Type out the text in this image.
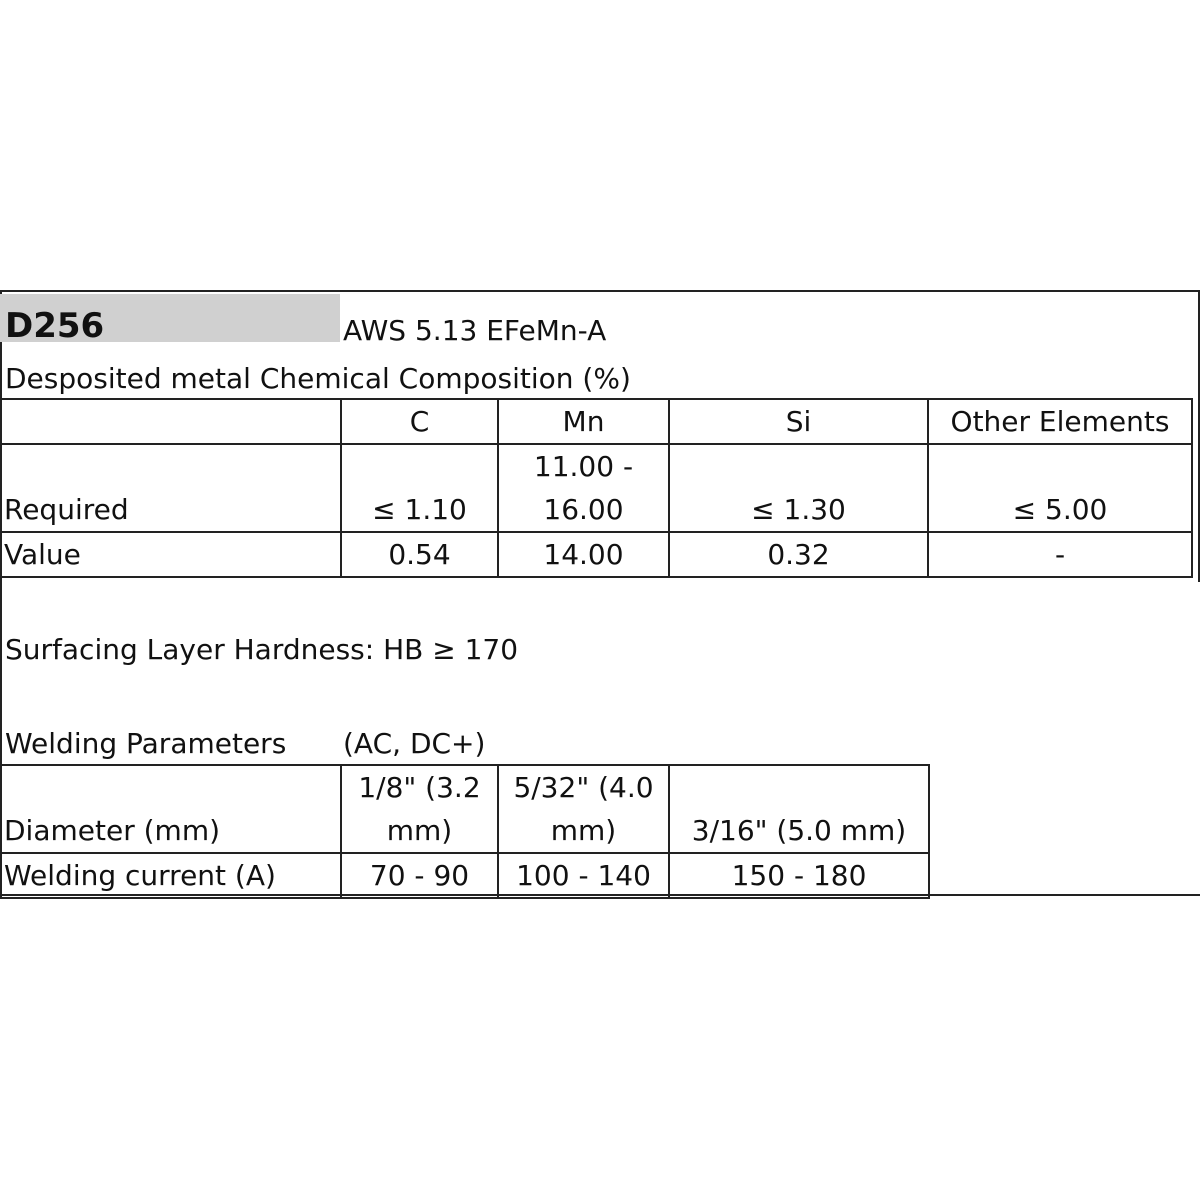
D256	AWS 5.13 EFeMn-A
Desposited metal Chemical Composition (%)
	C	Mn	Si	Other Elements
Required	≤ 1.10	11.00 - 16.00	≤ 1.30	≤ 5.00
Value	0.54	14.00	0.32	-
Surfacing Layer Hardness: HB ≥ 170
Welding Parameters (AC, DC+)
Diameter (mm)	1/8" (3.2 mm)	5/32" (4.0 mm)	3/16" (5.0 mm)
Welding current (A)	70 - 90	100 - 140	150 - 180
